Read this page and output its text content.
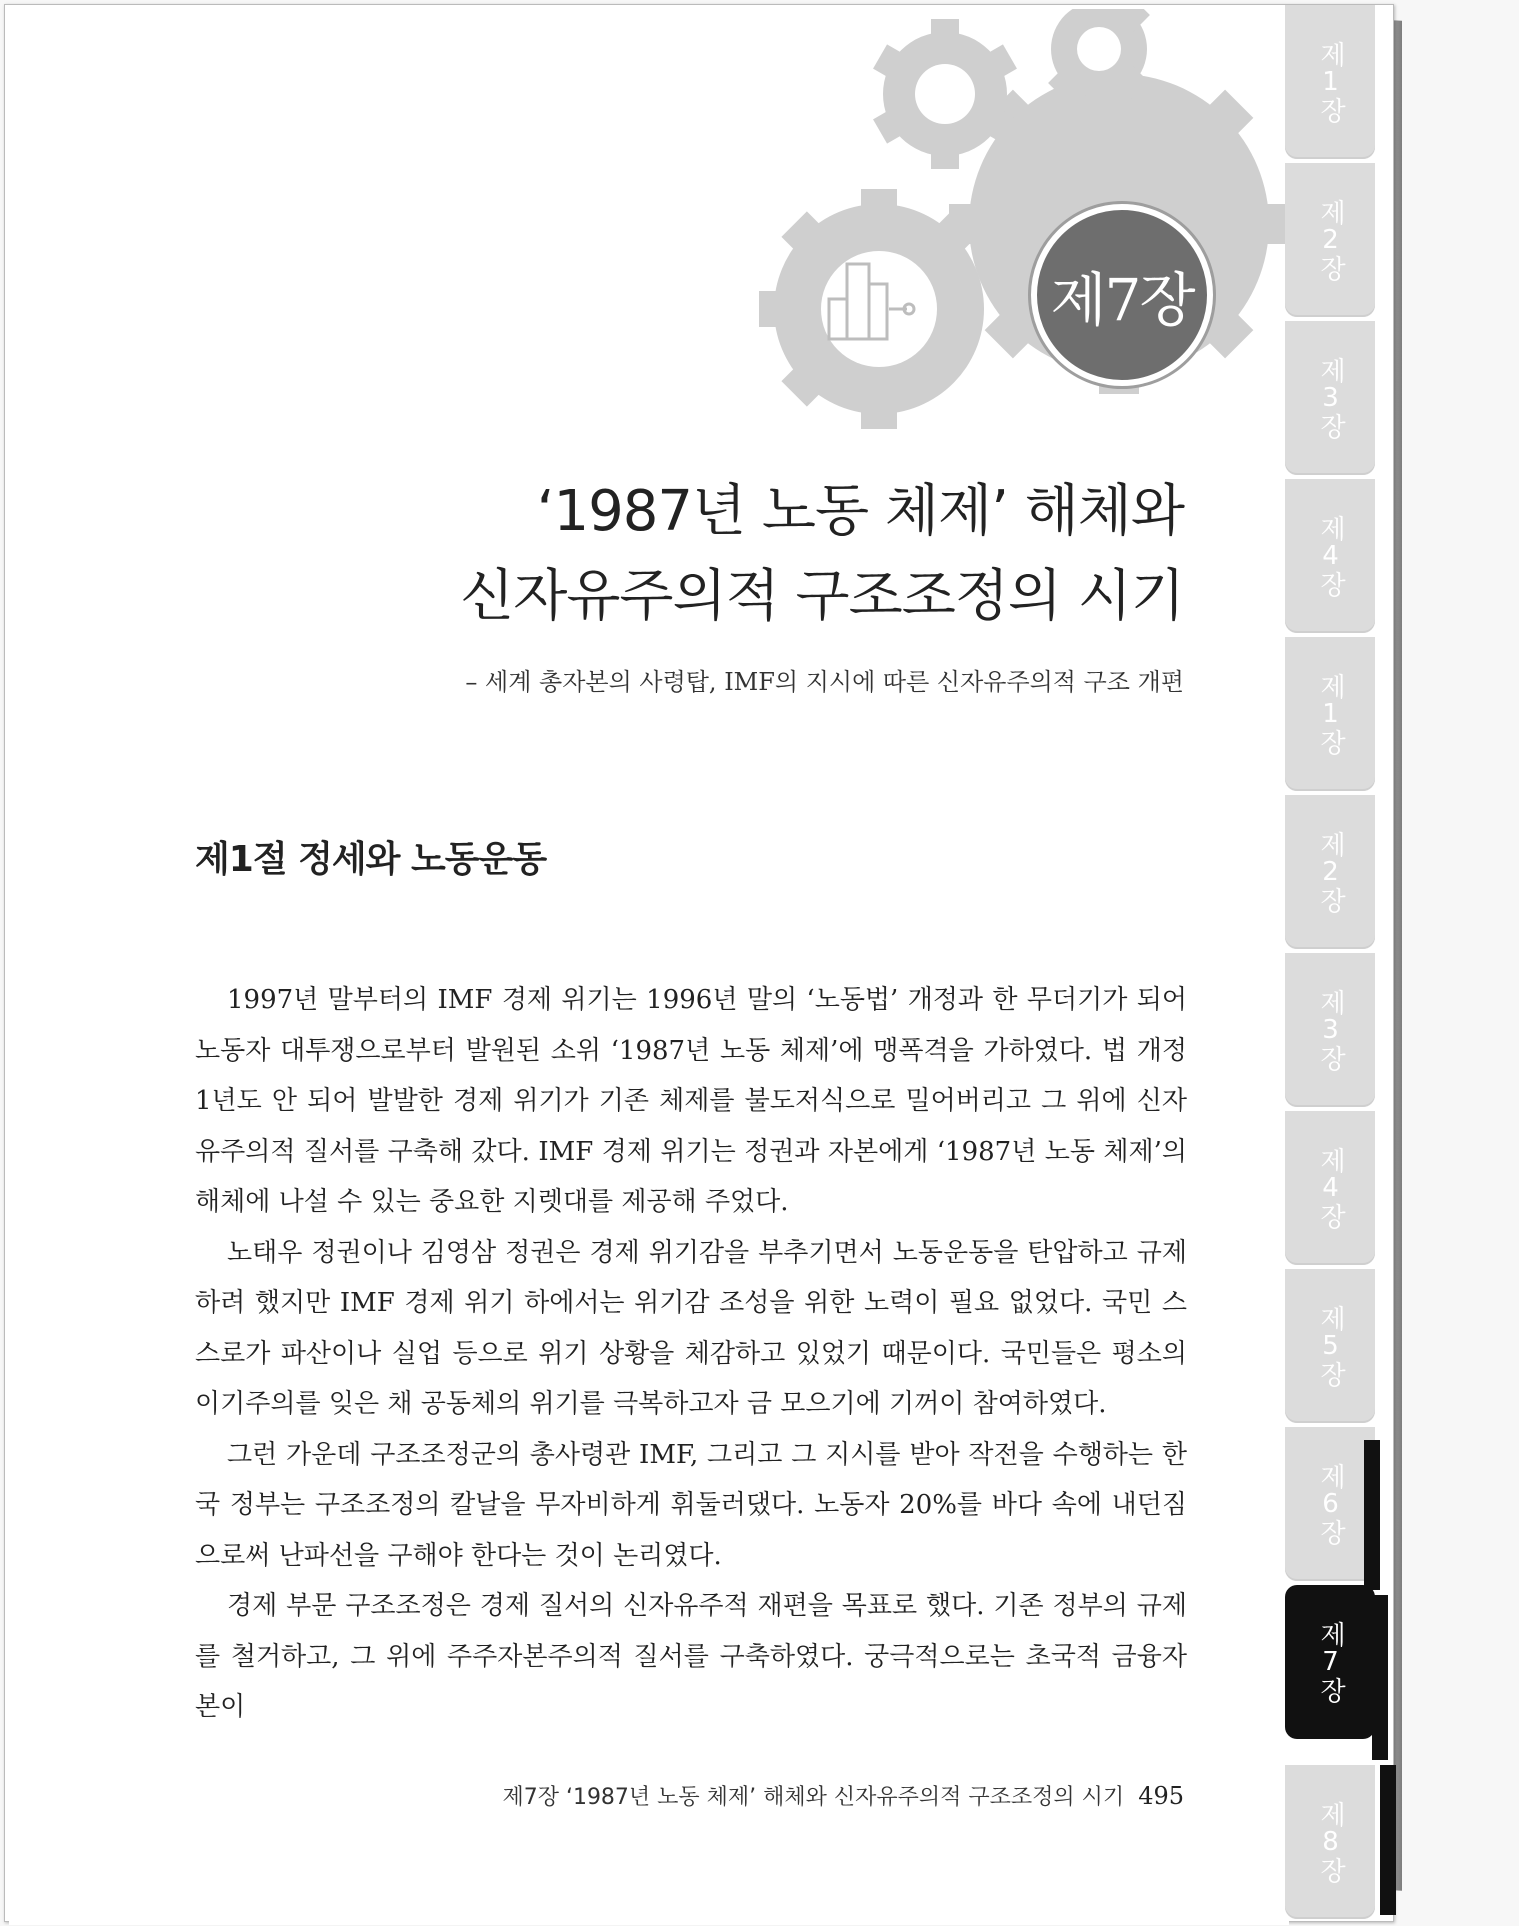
제7장
‘1987년 노동 체제’ 해체와
신자유주의적 구조조정의 시기
– 세계 총자본의 사령탑, IMF의 지시에 따른 신자유주의적 구조 개편
제1절 정세와 노동운동

1997년 말부터의 IMF 경제 위기는 1996년 말의 ‘노동법’ 개정과 한 무더기가 되어 노동자 대투쟁으로부터 발원된 소위 ‘1987년 노동 체제’에 맹폭격을 가하였다. 법 개정 1년도 안 되어 발발한 경제 위기가 기존 체제를 불도저식으로 밀어버리고 그 위에 신자유주의적 질서를 구축해 갔다. IMF 경제 위기는 정권과 자본에게 ‘1987년 노동 체제’의 해체에 나설 수 있는 중요한 지렛대를 제공해 주었다.

노태우 정권이나 김영삼 정권은 경제 위기감을 부추기면서 노동운동을 탄압하고 규제하려 했지만 IMF 경제 위기 하에서는 위기감 조성을 위한 노력이 필요 없었다. 국민 스스로가 파산이나 실업 등으로 위기 상황을 체감하고 있었기 때문이다. 국민들은 평소의 이기주의를 잊은 채 공동체의 위기를 극복하고자 금 모으기에 기꺼이 참여하였다.

그런 가운데 구조조정군의 총사령관 IMF, 그리고 그 지시를 받아 작전을 수행하는 한국 정부는 구조조정의 칼날을 무자비하게 휘둘러댔다. 노동자 20%를 바다 속에 내던짐으로써 난파선을 구해야 한다는 것이 논리였다.

경제 부문 구조조정은 경제 질서의 신자유주적 재편을 목표로 했다. 기존 정부의 규제를 철거하고, 그 위에 주주자본주의적 질서를 구축하였다. 궁극적으로는 초국적 금융자본이

제7장 ‘1987년 노동 체제’ 해체와 신자유주의적 구조조정의 시기 495
제1장
제2장
제3장
제4장
제1장
제2장
제3장
제4장
제5장
제6장
제7장
제8장
